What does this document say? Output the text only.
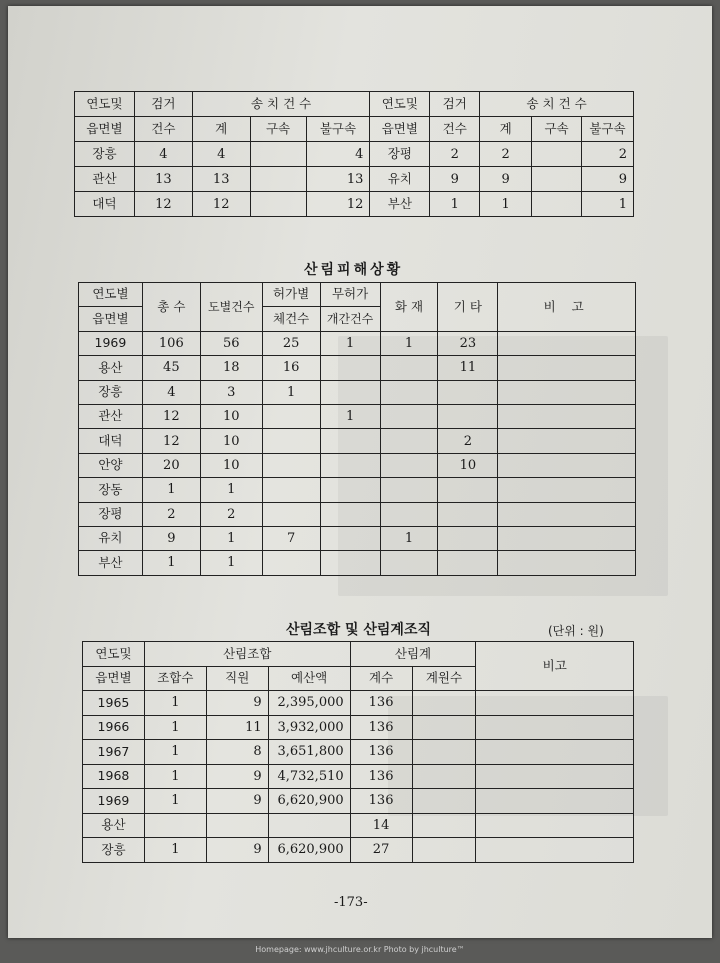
연도및	검거	송 치 건 수			연도및	검거	송 치 건 수		
읍면별	건수	계	구속	불구속	읍면별	건수	계	구속	불구속
장흥	4	4		4	장평	2	2		2
관산	13	13		13	유치	9	9		9
대덕	12	12		12	부산	1	1		1
산림피해상황
연도별	총 수	도별건수	허가별	무허가	화 재	기 타	비 고
읍면별			체건수	개간건수			
1969	106	56	25	1	1	23	
용산	45	18	16			11	
장흥	4	3	1				
관산	12	10		1			
대덕	12	10				2	
안양	20	10				10	
장동	1	1					
장평	2	2					
유치	9	1	7		1		
부산	1	1					
산림조합 및 산림계조직	(단위 : 원)
연도및	산림조합			산림계		비고
읍면별	조합수	직원	예산액	계수	계원수	
1965	1	9	2,395,000	136		
1966	1	11	3,932,000	136		
1967	1	8	3,651,800	136		
1968	1	9	4,732,510	136		
1969	1	9	6,620,900	136		
용산				14		
장흥	1	9	6,620,900	27		
-173-
Homepage: www.jhculture.or.kr Photo by jhculture™
